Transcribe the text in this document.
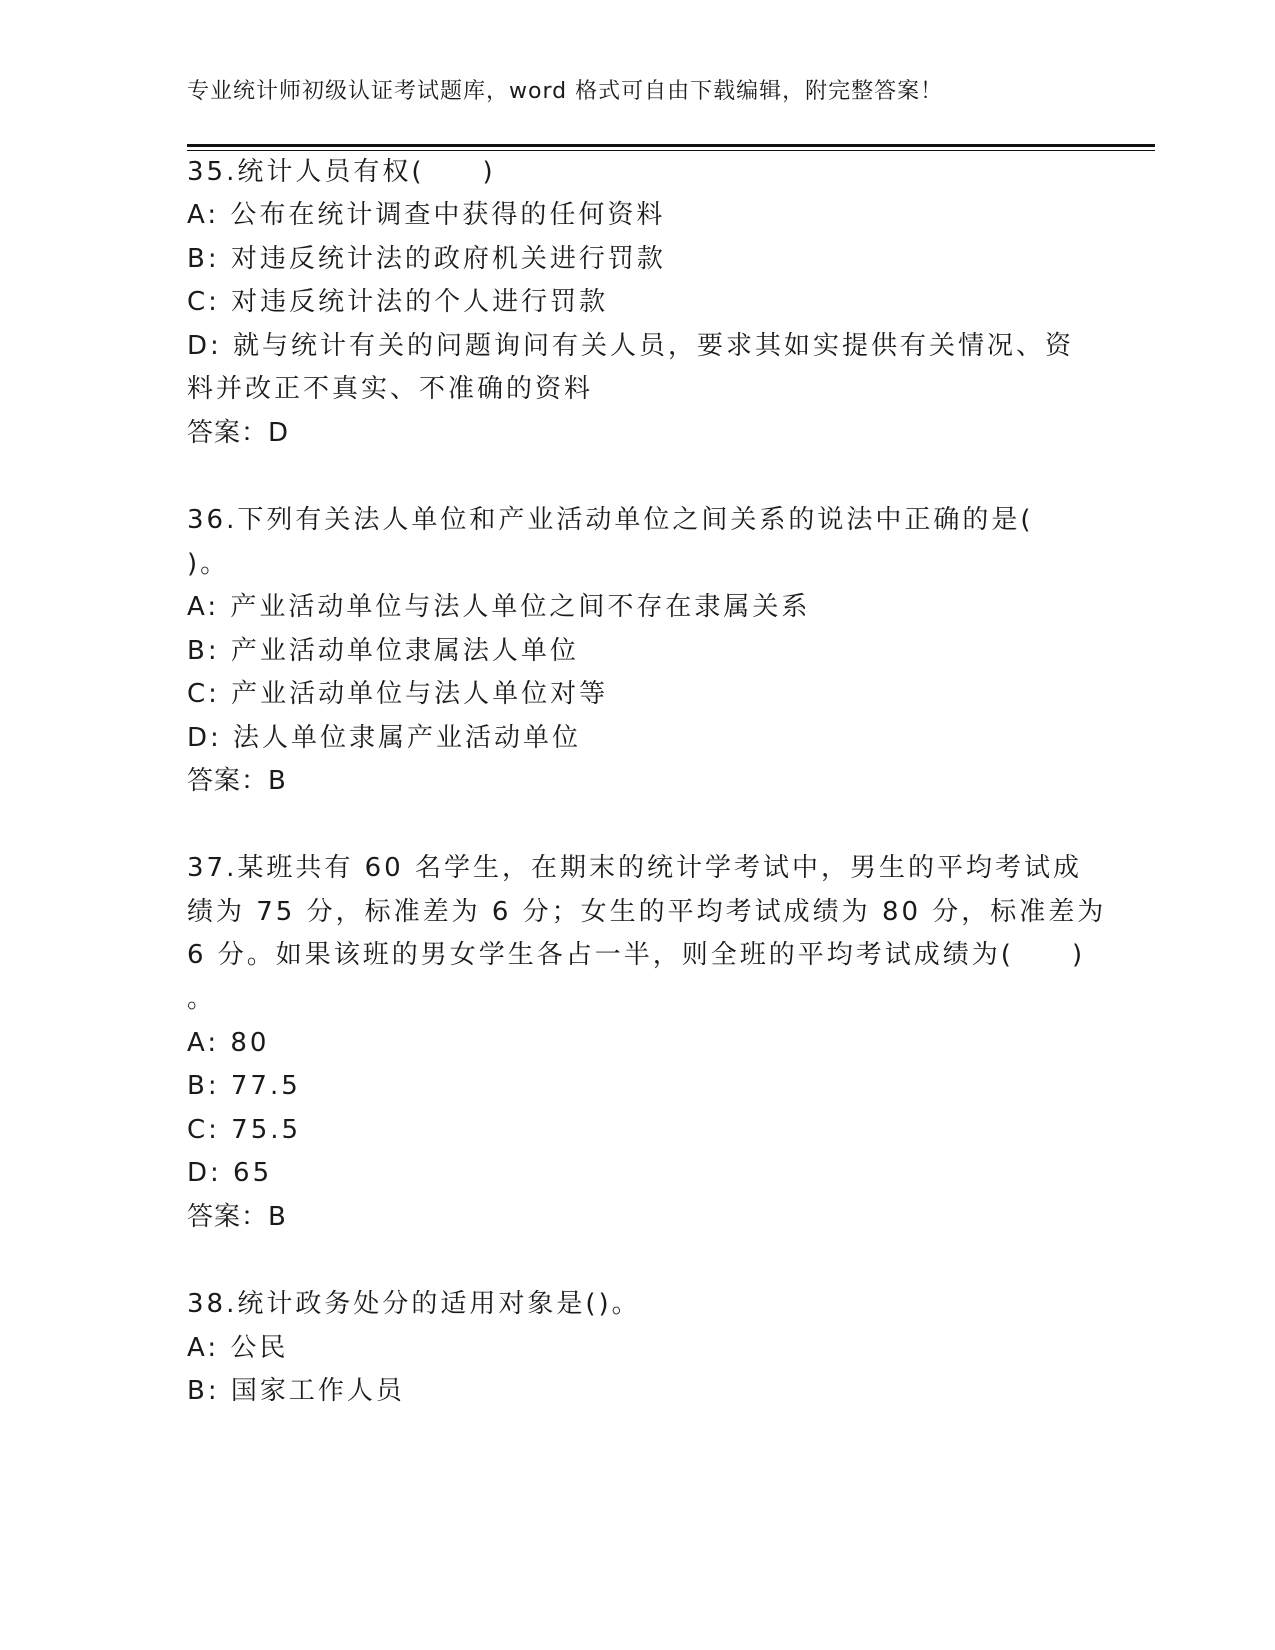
专业统计师初级认证考试题库，word 格式可自由下载编辑，附完整答案！
35.统计人员有权(　　)
A: 公布在统计调查中获得的任何资料
B: 对违反统计法的政府机关进行罚款
C: 对违反统计法的个人进行罚款
D: 就与统计有关的问题询问有关人员，要求其如实提供有关情况、资
料并改正不真实、不准确的资料
答案：D
36.下列有关法人单位和产业活动单位之间关系的说法中正确的是(
)。
A: 产业活动单位与法人单位之间不存在隶属关系
B: 产业活动单位隶属法人单位
C: 产业活动单位与法人单位对等
D: 法人单位隶属产业活动单位
答案：B
37.某班共有 60 名学生，在期末的统计学考试中，男生的平均考试成
绩为 75 分，标准差为 6 分；女生的平均考试成绩为 80 分，标准差为
6 分。如果该班的男女学生各占一半，则全班的平均考试成绩为(　　)
。
A: 80
B: 77.5
C: 75.5
D: 65
答案：B
38.统计政务处分的适用对象是()。
A: 公民
B: 国家工作人员
